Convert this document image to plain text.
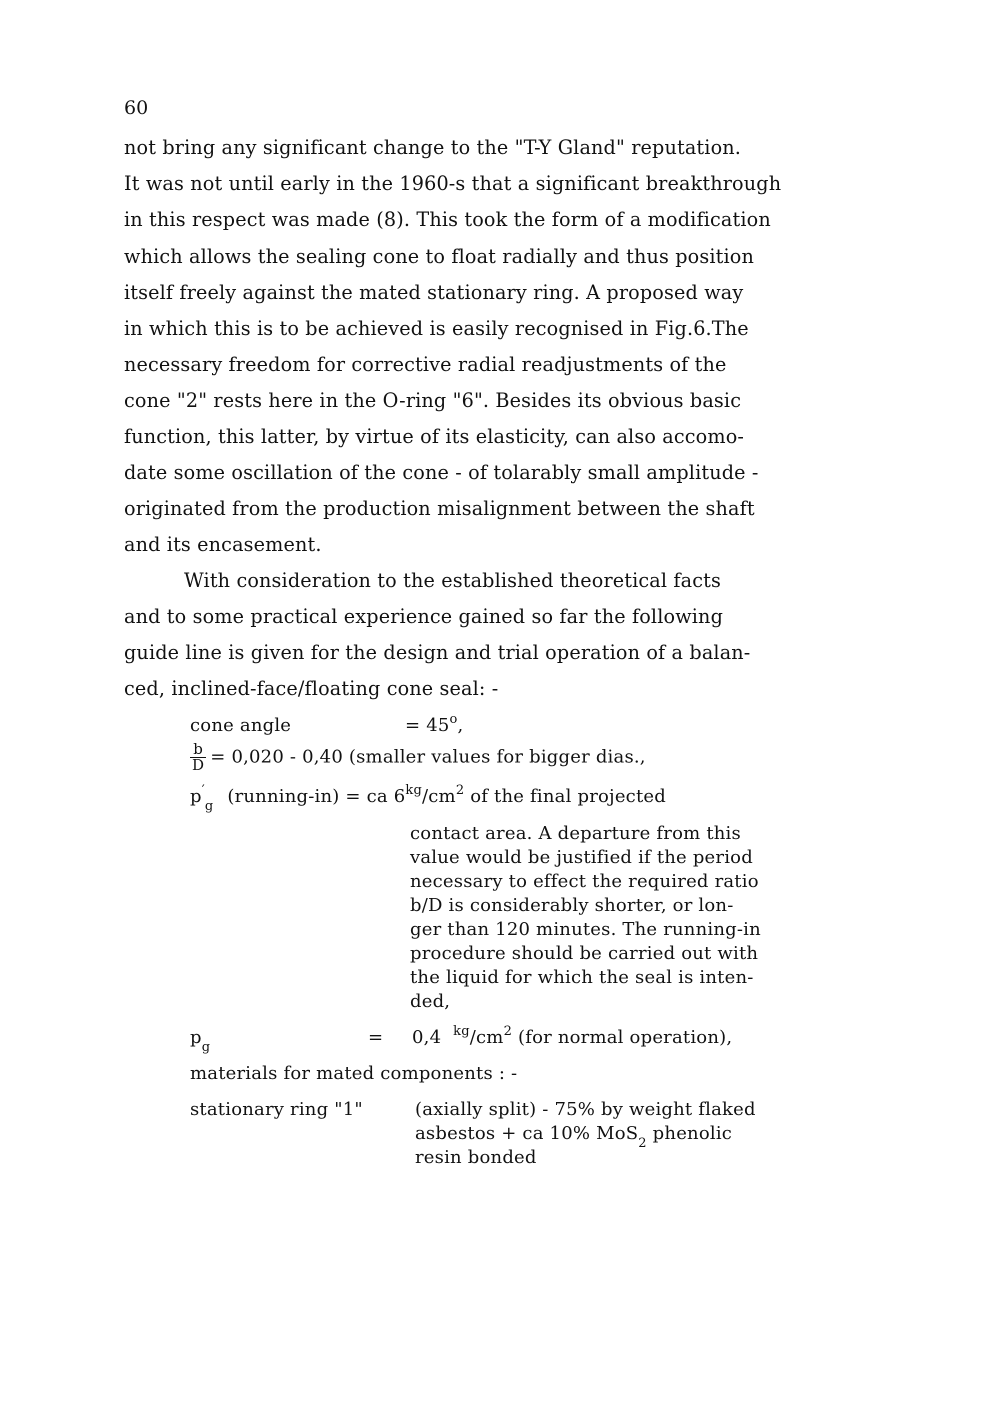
60
not bring any significant change to the "T-Y Gland" reputation.
It was not until early in the 1960-s that a significant breakthrough
in this respect was made (8). This took the form of a modification
which allows the sealing cone to float radially and thus position
itself freely against the mated stationary ring. A proposed way
in which this is to be achieved is easily recognised in Fig.6.The
necessary freedom for corrective radial readjustments of the
cone "2" rests here in the O-ring "6". Besides its obvious basic
function, this latter, by virtue of its elasticity, can also accomo-
date some oscillation of the cone - of tolarably small amplitude -
originated from the production misalignment between the shaft
and its encasement.
With consideration to the established theoretical facts
and to some practical experience gained so far the following
guide line is given for the design and trial operation of a balan-
ced, inclined-face/floating cone seal: -
cone angle	= $45^o$,
$\frac{b}{D} = 0,020 - 0,40$ (smaller values for bigger dias.,
$p'_g$ (running-in) = ca $6^{kg}/cm^2$ of the final projected
contact area. A departure from this
value would be justified if the period
necessary to effect the required ratio
b/D is considerably shorter, or lon-
ger than 120 minutes. The running-in
procedure should be carried out with
the liquid for which the seal is inten-
ded,
$p_g$	= 0,4 $^{kg}/cm^2$ (for normal operation),
materials for mated components : -
stationary ring "1"	(axially split) - 75% by weight flaked
asbestos + ca 10% MoS$_2$ phenolic
resin bonded
